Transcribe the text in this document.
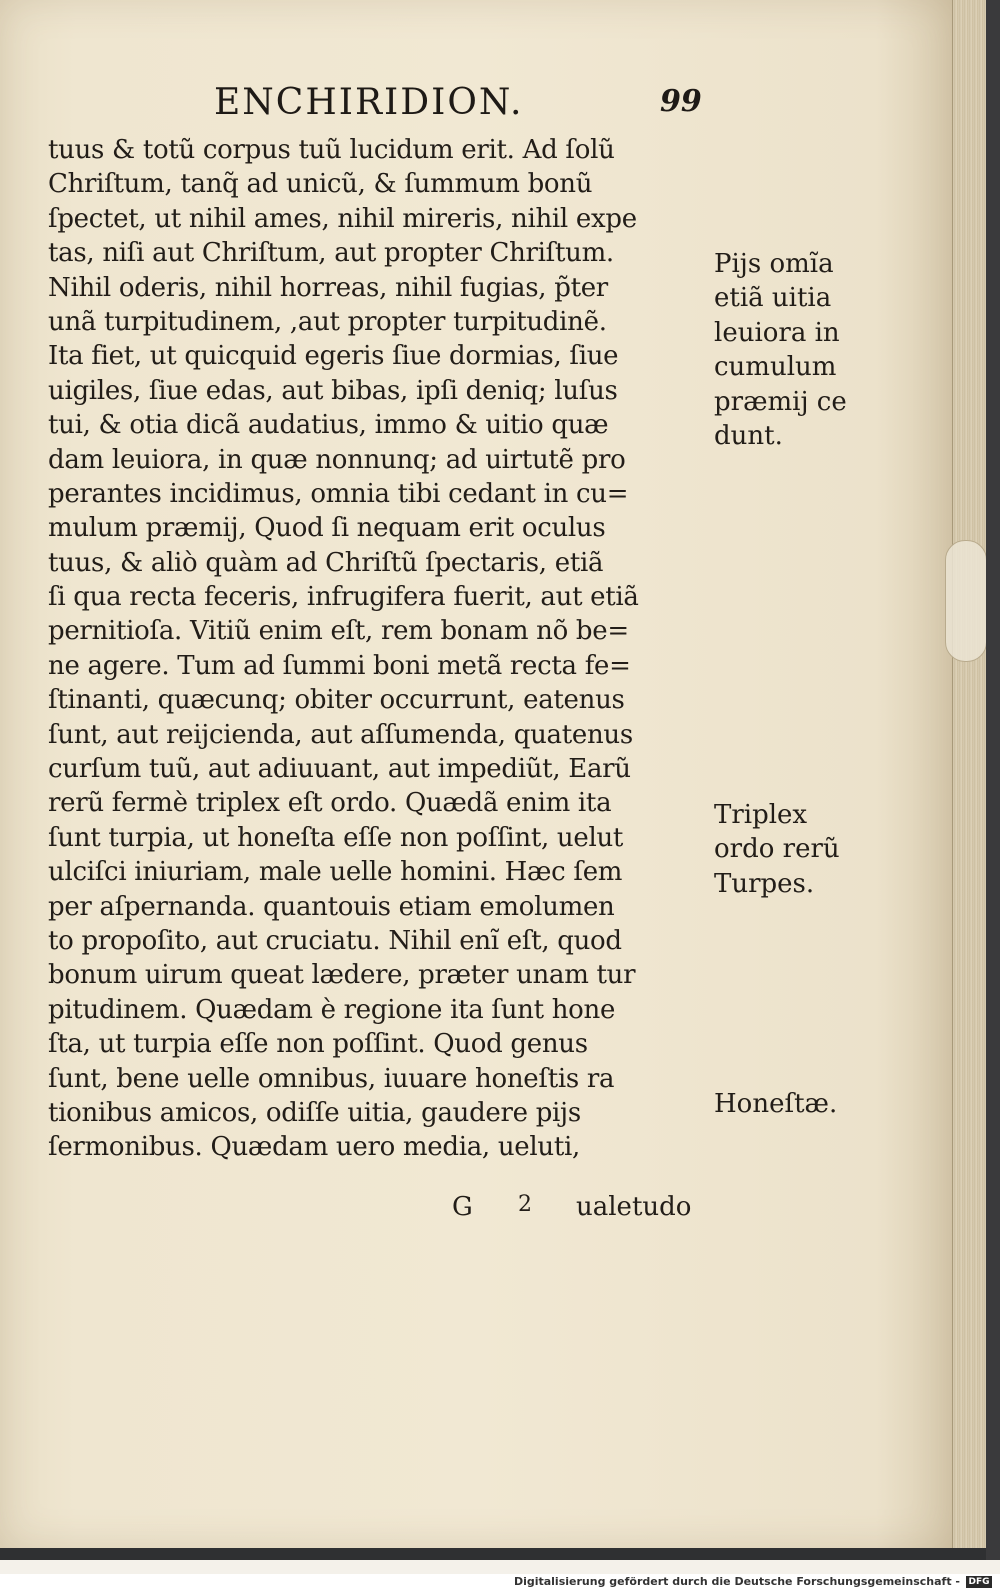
ENCHIRIDION.	99
tuus & totũ corpus tuũ lucidum erit. Ad ſolũ
Chriſtum, tanq̃ ad unicũ, & ſummum bonũ
ſpectet, ut nihil ames, nihil mireris, nihil expe
tas, niſi aut Chriſtum, aut propter Chriſtum.
Nihil oderis, nihil horreas, nihil fugias, p̃ter
unã turpitudinem, ,aut propter turpitudinẽ.
Ita fiet, ut quicquid egeris ſiue dormias, ſiue
uigiles, ſiue edas, aut bibas, ipſi deniq; luſus
tui, & otia dicã audatius, immo & uitio quæ
dam leuiora, in quæ nonnunq; ad uirtutẽ pro
perantes incidimus, omnia tibi cedant in cu=
mulum præmij, Quod ſi nequam erit oculus
tuus, & aliò quàm ad Chriſtũ ſpectaris, etiã
ſi qua recta feceris, infrugifera fuerit, aut etiã
pernitioſa. Vitiũ enim eſt, rem bonam nõ be=
ne agere. Tum ad ſummi boni metã recta fe=
ſtinanti, quæcunq; obiter occurrunt, eatenus
ſunt, aut reijcienda, aut aſſumenda, quatenus
curſum tuũ, aut adiuuant, aut impediũt, Earũ
rerũ fermè triplex eſt ordo. Quædã enim ita
ſunt turpia, ut honeſta eſſe non poſſint, uelut
ulciſci iniuriam, male uelle homini. Hæc ſem
per aſpernanda. quantouis etiam emolumen
to propoſito, aut cruciatu. Nihil enĩ eſt, quod
bonum uirum queat lædere, præter unam tur
pitudinem. Quædam è regione ita ſunt hone
ſta, ut turpia eſſe non poſſint. Quod genus
ſunt, bene uelle omnibus, iuuare honeſtis ra
tionibus amicos, odiſſe uitia, gaudere pijs
ſermonibus. Quædam uero media, ueluti,
Pijs omĩa
etiã uitia
leuiora in
cumulum
præmij ce
dunt.
Triplex
ordo rerũ
Turpes.
Honeſtæ.
G 2 ualetudo
Digitalisierung gefördert durch die Deutsche Forschungsgemeinschaft - DFG
